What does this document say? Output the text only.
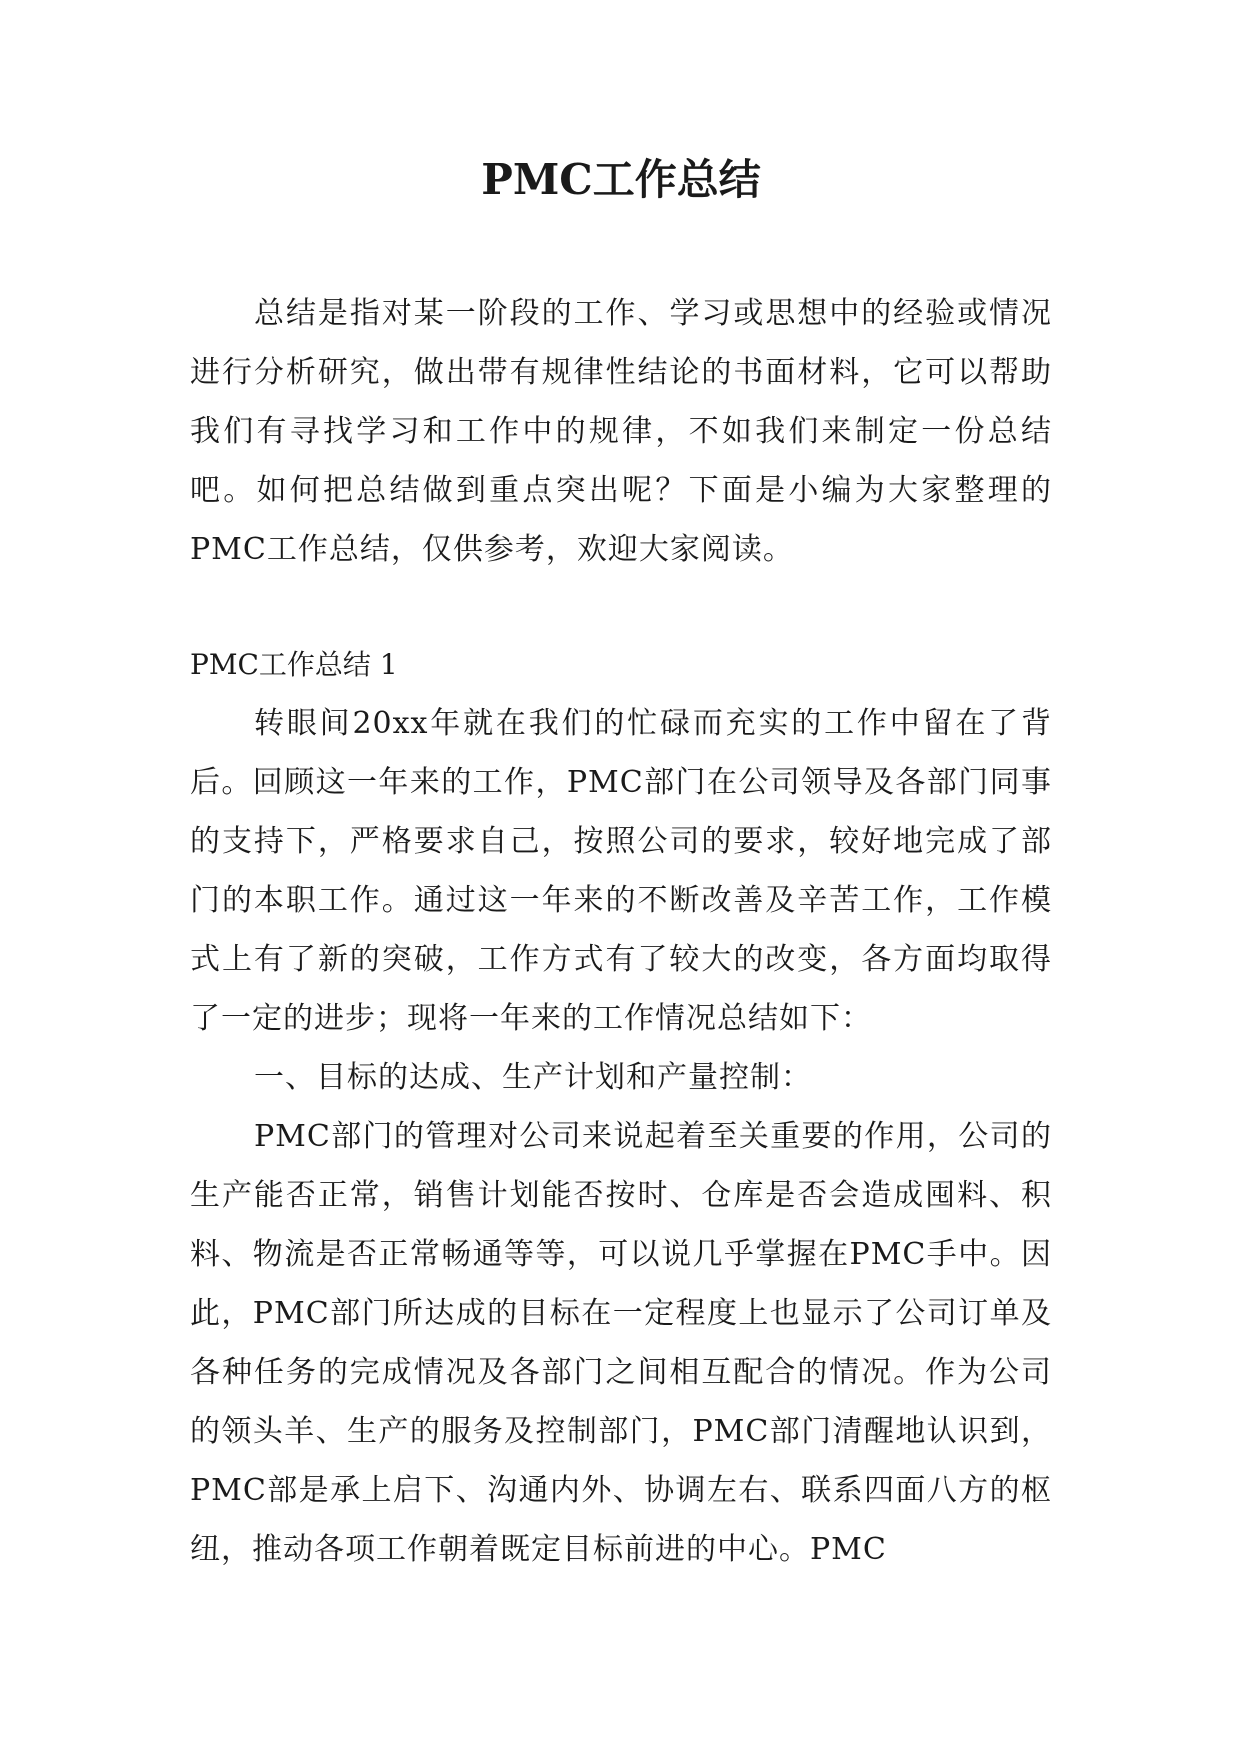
PMC工作总结

总结是指对某一阶段的工作、学习或思想中的经验或情况进行分析研究，做出带有规律性结论的书面材料，它可以帮助我们有寻找学习和工作中的规律，不如我们来制定一份总结吧。如何把总结做到重点突出呢？下面是小编为大家整理的PMC工作总结，仅供参考，欢迎大家阅读。

PMC工作总结 1

转眼间20xx年就在我们的忙碌而充实的工作中留在了背后。回顾这一年来的工作，PMC部门在公司领导及各部门同事的支持下，严格要求自己，按照公司的要求，较好地完成了部门的本职工作。通过这一年来的不断改善及辛苦工作，工作模式上有了新的突破，工作方式有了较大的改变，各方面均取得了一定的进步；现将一年来的工作情况总结如下：

一、目标的达成、生产计划和产量控制：

PMC部门的管理对公司来说起着至关重要的作用，公司的生产能否正常，销售计划能否按时、仓库是否会造成囤料、积料、物流是否正常畅通等等，可以说几乎掌握在PMC手中。因此，PMC部门所达成的目标在一定程度上也显示了公司订单及各种任务的完成情况及各部门之间相互配合的情况。作为公司的领头羊、生产的服务及控制部门，PMC部门清醒地认识到，PMC部是承上启下、沟通内外、协调左右、联系四面八方的枢纽，推动各项工作朝着既定目标前进的中心。PMC
